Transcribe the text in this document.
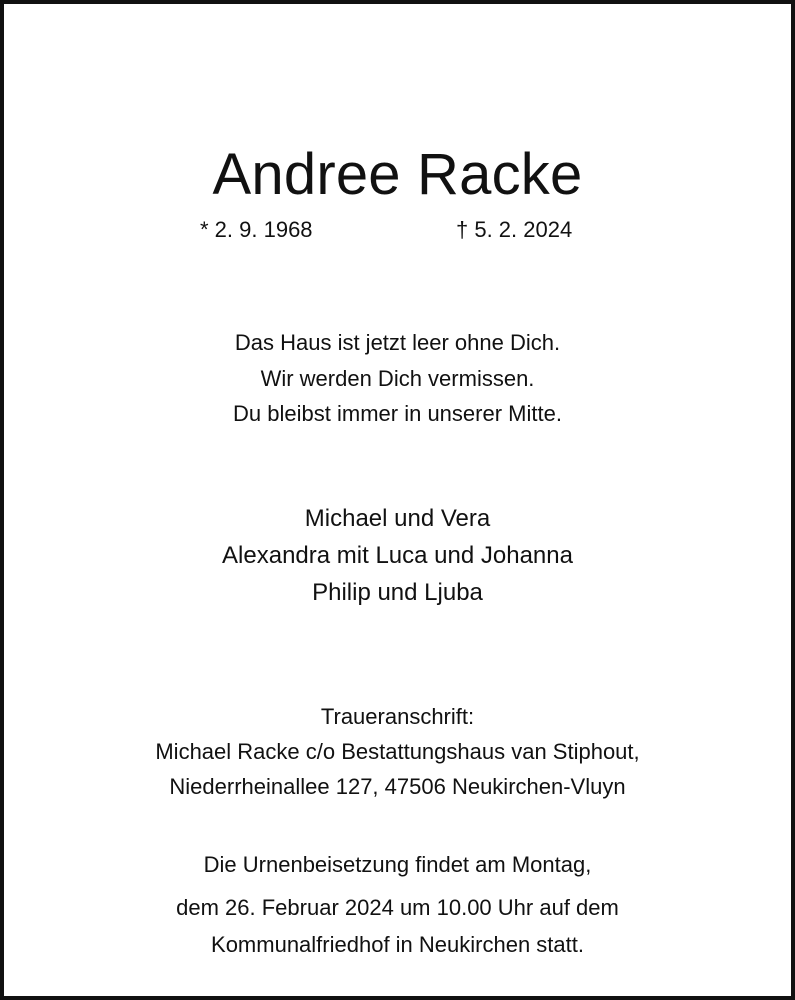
Andree Racke
* 2. 9. 1968	† 5. 2. 2024
Das Haus ist jetzt leer ohne Dich.
Wir werden Dich vermissen.
Du bleibst immer in unserer Mitte.
Michael und Vera
Alexandra mit Luca und Johanna
Philip und Ljuba
Traueranschrift:
Michael Racke c/o Bestattungshaus van Stiphout,
Niederrheinallee 127, 47506 Neukirchen-Vluyn
Die Urnenbeisetzung findet am Montag,
dem 26. Februar 2024 um 10.00 Uhr auf dem
Kommunalfriedhof in Neukirchen statt.
